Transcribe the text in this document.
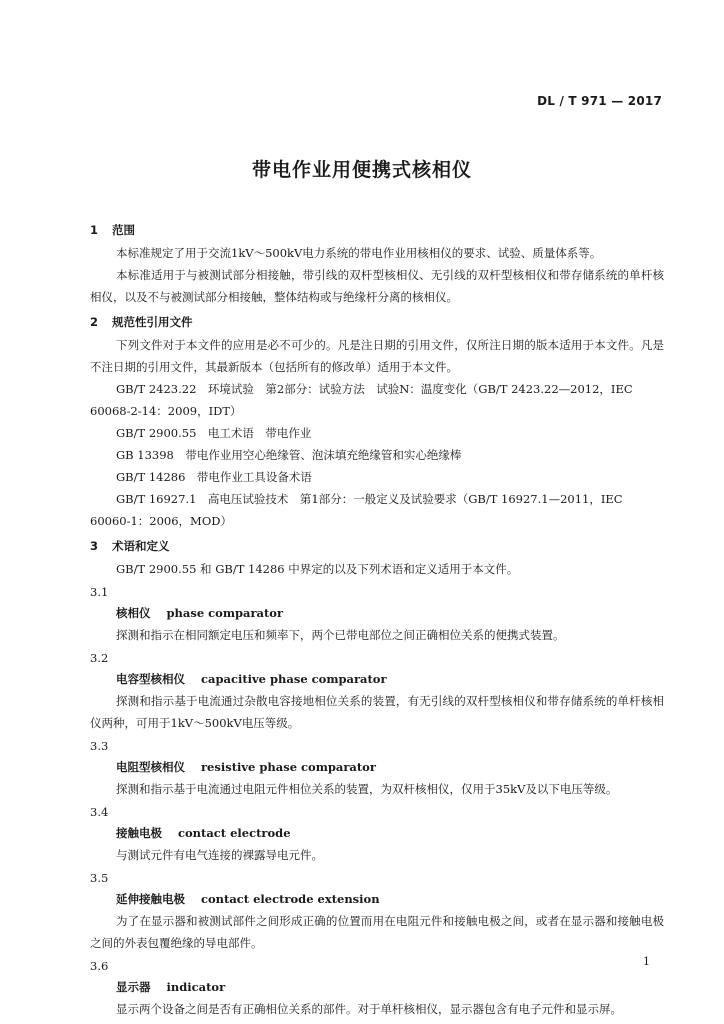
DL / T 971 — 2017
带电作业用便携式核相仪
1 范围

本标准规定了用于交流1kV～500kV电力系统的带电作业用核相仪的要求、试验、质量体系等。

本标准适用于与被测试部分相接触，带引线的双杆型核相仪、无引线的双杆型核相仪和带存储系统的单杆核相仪，以及不与被测试部分相接触，整体结构或与绝缘杆分离的核相仪。

2 规范性引用文件

下列文件对于本文件的应用是必不可少的。凡是注日期的引用文件，仅所注日期的版本适用于本文件。凡是不注日期的引用文件，其最新版本（包括所有的修改单）适用于本文件。

GB/T 2423.22　环境试验　第2部分：试验方法　试验N：温度变化（GB/T 2423.22—2012，IEC

60068-2-14：2009，IDT）

GB/T 2900.55　电工术语　带电作业

GB 13398　带电作业用空心绝缘管、泡沫填充绝缘管和实心绝缘棒

GB/T 14286　带电作业工具设备术语

GB/T 16927.1　高电压试验技术　第1部分：一般定义及试验要求（GB/T 16927.1—2011，IEC

60060-1：2006，MOD）

3 术语和定义

GB/T 2900.55 和 GB/T 14286 中界定的以及下列术语和定义适用于本文件。

3.1

核相仪 phase comparator

探测和指示在相同额定电压和频率下，两个已带电部位之间正确相位关系的便携式装置。

3.2

电容型核相仪 capacitive phase comparator

探测和指示基于电流通过杂散电容接地相位关系的装置，有无引线的双杆型核相仪和带存储系统的单杆核相仪两种，可用于1kV～500kV电压等级。

3.3

电阻型核相仪 resistive phase comparator

探测和指示基于电流通过电阻元件相位关系的装置，为双杆核相仪，仅用于35kV及以下电压等级。

3.4

接触电极 contact electrode

与测试元件有电气连接的裸露导电元件。

3.5

延伸接触电极 contact electrode extension

为了在显示器和被测试部件之间形成正确的位置而用在电阻元件和接触电极之间，或者在显示器和接触电极之间的外表包覆绝缘的导电部件。

3.6

显示器 indicator

显示两个设备之间是否有正确相位关系的部件。对于单杆核相仪，显示器包含有电子元件和显示屏。

1
